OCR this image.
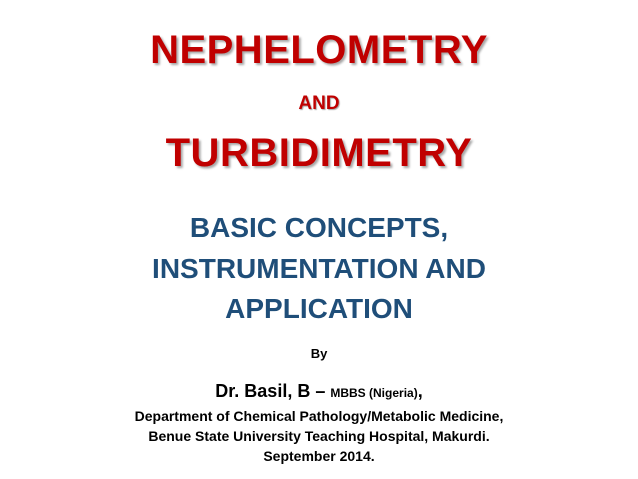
NEPHELOMETRY
AND
TURBIDIMETRY
BASIC CONCEPTS,
INSTRUMENTATION AND
APPLICATION
By
Dr. Basil, B – MBBS (Nigeria),
Department of Chemical Pathology/Metabolic Medicine,
Benue State University Teaching Hospital, Makurdi.
September 2014.
